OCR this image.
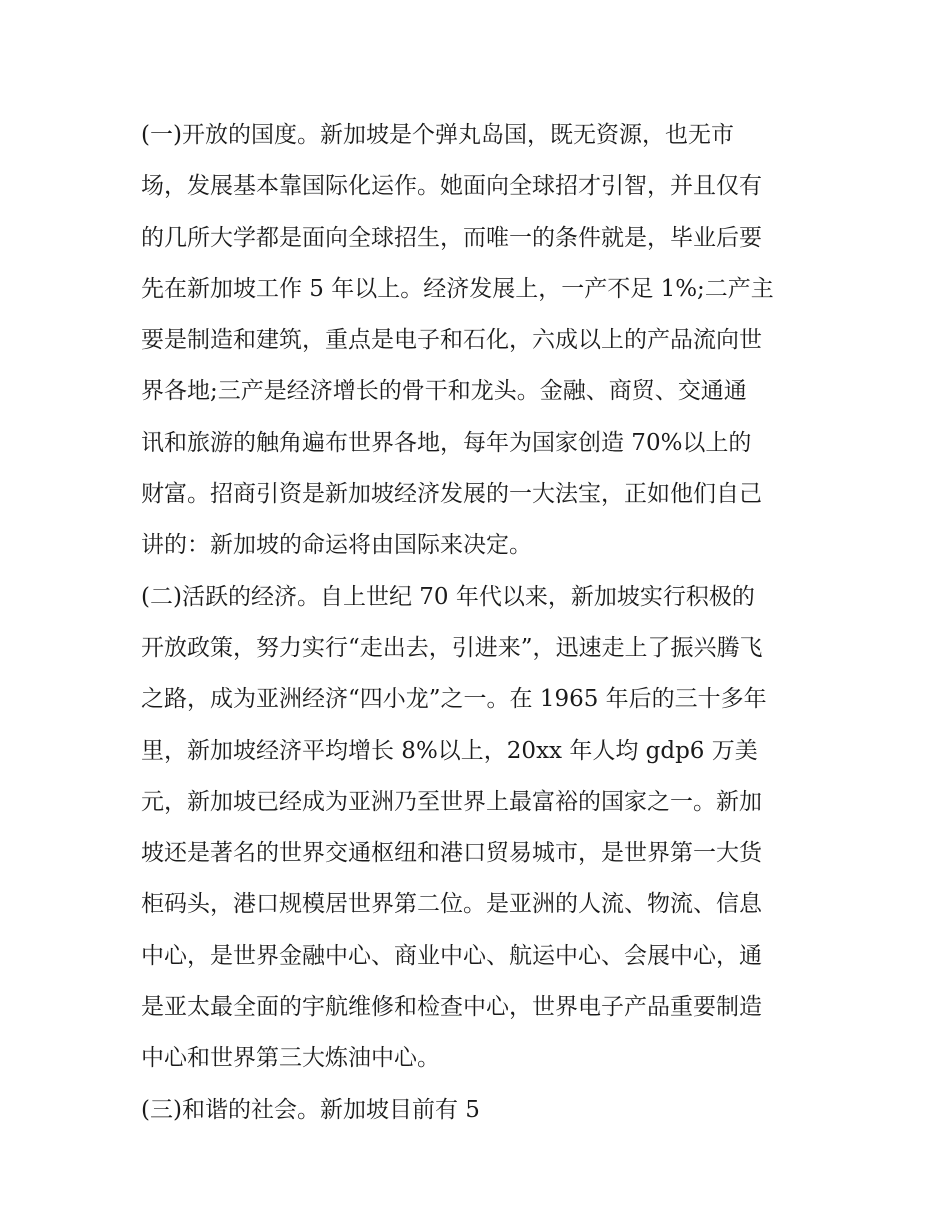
(一)开放的国度。新加坡是个弹丸岛国，既无资源，也无市
场，发展基本靠国际化运作。她面向全球招才引智，并且仅有
的几所大学都是面向全球招生，而唯一的条件就是，毕业后要
先在新加坡工作 5 年以上。经济发展上，一产不足 1%;二产主
要是制造和建筑，重点是电子和石化，六成以上的产品流向世
界各地;三产是经济增长的骨干和龙头。金融、商贸、交通通
讯和旅游的触角遍布世界各地，每年为国家创造 70%以上的
财富。招商引资是新加坡经济发展的一大法宝，正如他们自己
讲的：新加坡的命运将由国际来决定。
(二)活跃的经济。自上世纪 70 年代以来，新加坡实行积极的
开放政策，努力实行“走出去，引进来”，迅速走上了振兴腾飞
之路，成为亚洲经济“四小龙”之一。在 1965 年后的三十多年
里，新加坡经济平均增长 8%以上，20xx 年人均 gdp6 万美
元，新加坡已经成为亚洲乃至世界上最富裕的国家之一。新加
坡还是著名的世界交通枢纽和港口贸易城市，是世界第一大货
柜码头，港口规模居世界第二位。是亚洲的人流、物流、信息
中心，是世界金融中心、商业中心、航运中心、会展中心，通
是亚太最全面的宇航维修和检查中心，世界电子产品重要制造
中心和世界第三大炼油中心。
(三)和谐的社会。新加坡目前有 5
